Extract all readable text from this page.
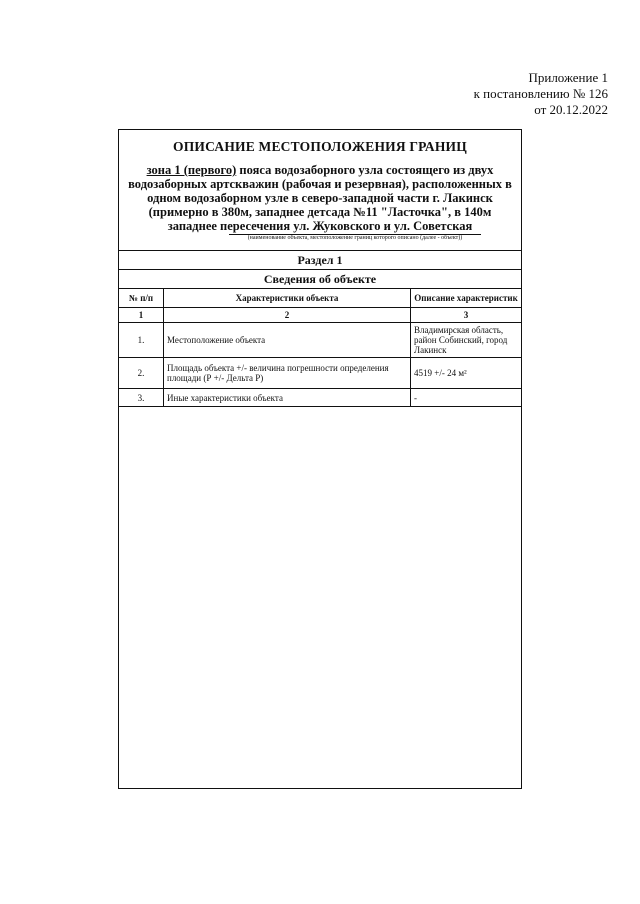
Приложение 1
к постановлению № 126
от 20.12.2022
ОПИСАНИЕ МЕСТОПОЛОЖЕНИЯ ГРАНИЦ
зона 1 (первого) пояса водозаборного узла состоящего из двух водозаборных артскважин (рабочая и резервная), расположенных в одном водозаборном узле в северо-западной части г. Лакинск (примерно в 380м, западнее детсада №11 "Ласточка", в 140м западнее пересечения ул. Жуковского и ул. Советская
(наименование объекта, местоположение границ которого описано (далее - объект))
Раздел 1
Сведения об объекте
№ п/п	Характеристики объекта	Описание характеристик
1	2	3
1.	Местоположение объекта	Владимирская область, район Собинский, город Лакинск
2.	Площадь объекта +/- величина погрешности определения площади (Р +/- Дельта Р)	4519 +/- 24 м²
3.	Иные характеристики объекта	-
